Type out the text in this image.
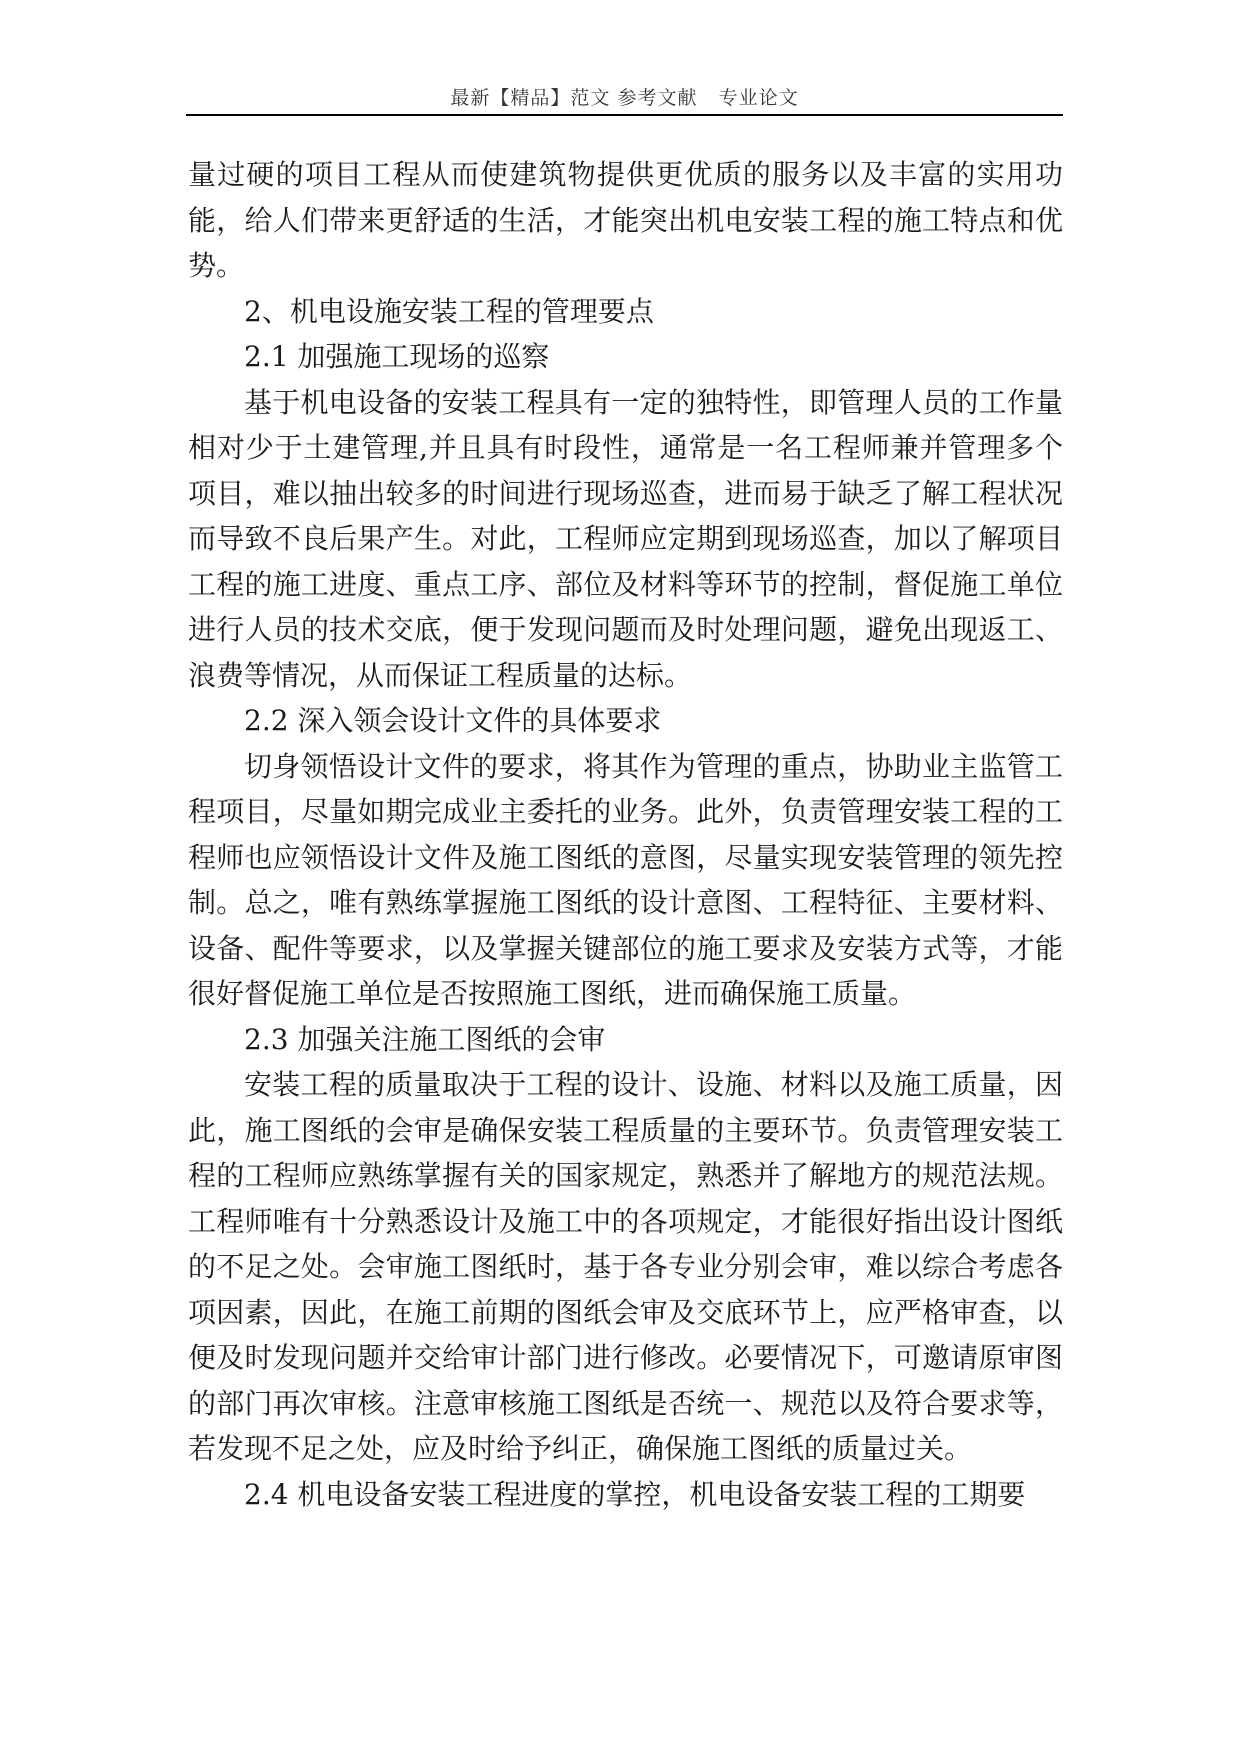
最新【精品】范文 参考文献   专业论文

量过硬的项目工程从而使建筑物提供更优质的服务以及丰富的实用功能，给人们带来更舒适的生活，才能突出机电安装工程的施工特点和优势。

2、机电设施安装工程的管理要点

2.1 加强施工现场的巡察

基于机电设备的安装工程具有一定的独特性，即管理人员的工作量相对少于土建管理,并且具有时段性，通常是一名工程师兼并管理多个项目，难以抽出较多的时间进行现场巡查，进而易于缺乏了解工程状况而导致不良后果产生。对此，工程师应定期到现场巡查，加以了解项目工程的施工进度、重点工序、部位及材料等环节的控制，督促施工单位进行人员的技术交底，便于发现问题而及时处理问题，避免出现返工、浪费等情况，从而保证工程质量的达标。

2.2 深入领会设计文件的具体要求

切身领悟设计文件的要求，将其作为管理的重点，协助业主监管工程项目，尽量如期完成业主委托的业务。此外，负责管理安装工程的工程师也应领悟设计文件及施工图纸的意图，尽量实现安装管理的领先控制。总之，唯有熟练掌握施工图纸的设计意图、工程特征、主要材料、设备、配件等要求，以及掌握关键部位的施工要求及安装方式等，才能很好督促施工单位是否按照施工图纸，进而确保施工质量。

2.3 加强关注施工图纸的会审

安装工程的质量取决于工程的设计、设施、材料以及施工质量，因此，施工图纸的会审是确保安装工程质量的主要环节。负责管理安装工程的工程师应熟练掌握有关的国家规定，熟悉并了解地方的规范法规。工程师唯有十分熟悉设计及施工中的各项规定，才能很好指出设计图纸的不足之处。会审施工图纸时，基于各专业分别会审，难以综合考虑各项因素，因此，在施工前期的图纸会审及交底环节上，应严格审查，以便及时发现问题并交给审计部门进行修改。必要情况下，可邀请原审图的部门再次审核。注意审核施工图纸是否统一、规范以及符合要求等，若发现不足之处，应及时给予纠正，确保施工图纸的质量过关。

2.4 机电设备安装工程进度的掌控，机电设备安装工程的工期要
